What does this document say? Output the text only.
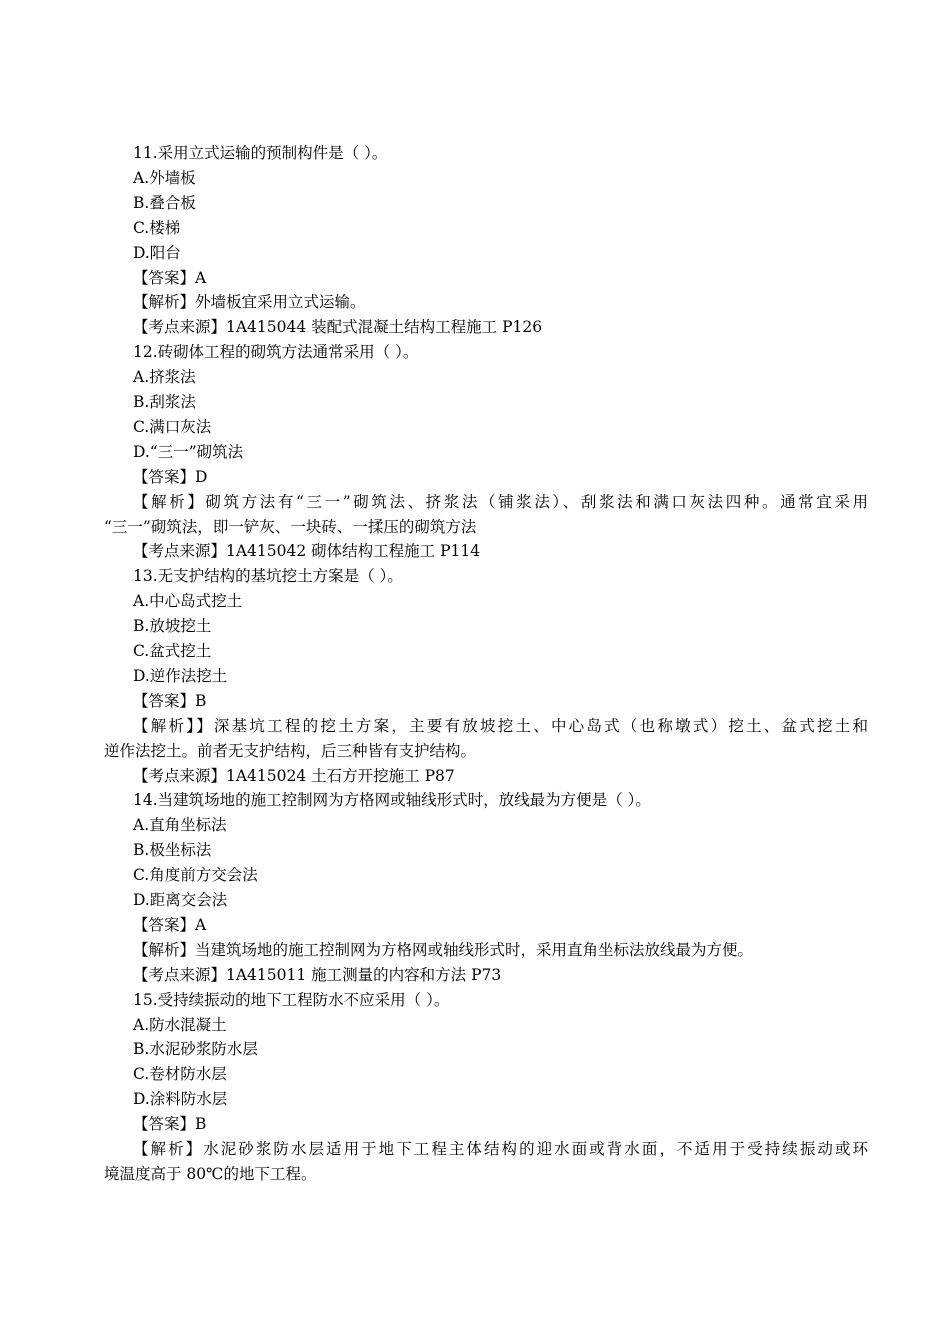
11.采用立式运输的预制构件是（ ）。
A.外墙板
B.叠合板
C.楼梯
D.阳台
【答案】A
【解析】外墙板宜采用立式运输。
【考点来源】1A415044 装配式混凝土结构工程施工 P126
12.砖砌体工程的砌筑方法通常采用（ ）。
A.挤浆法
B.刮浆法
C.满口灰法
D.“三一”砌筑法
【答案】D
【解析】砌筑方法有“三一”砌筑法、挤浆法（铺浆法）、刮浆法和满口灰法四种。通常宜采用
“三一”砌筑法，即一铲灰、一块砖、一揉压的砌筑方法
【考点来源】1A415042 砌体结构工程施工 P114
13.无支护结构的基坑挖土方案是（ ）。
A.中心岛式挖土
B.放坡挖土
C.盆式挖土
D.逆作法挖土
【答案】B
【解析】】深基坑工程的挖土方案，主要有放坡挖土、中心岛式（也称墩式）挖土、盆式挖土和
逆作法挖土。前者无支护结构，后三种皆有支护结构。
【考点来源】1A415024 土石方开挖施工 P87
14.当建筑场地的施工控制网为方格网或轴线形式时，放线最为方便是（ ）。
A.直角坐标法
B.极坐标法
C.角度前方交会法
D.距离交会法
【答案】A
【解析】当建筑场地的施工控制网为方格网或轴线形式时，采用直角坐标法放线最为方便。
【考点来源】1A415011 施工测量的内容和方法 P73
15.受持续振动的地下工程防水不应采用（ ）。
A.防水混凝土
B.水泥砂浆防水层
C.卷材防水层
D.涂料防水层
【答案】B
【解析】水泥砂浆防水层适用于地下工程主体结构的迎水面或背水面，不适用于受持续振动或环
境温度高于 80℃的地下工程。
